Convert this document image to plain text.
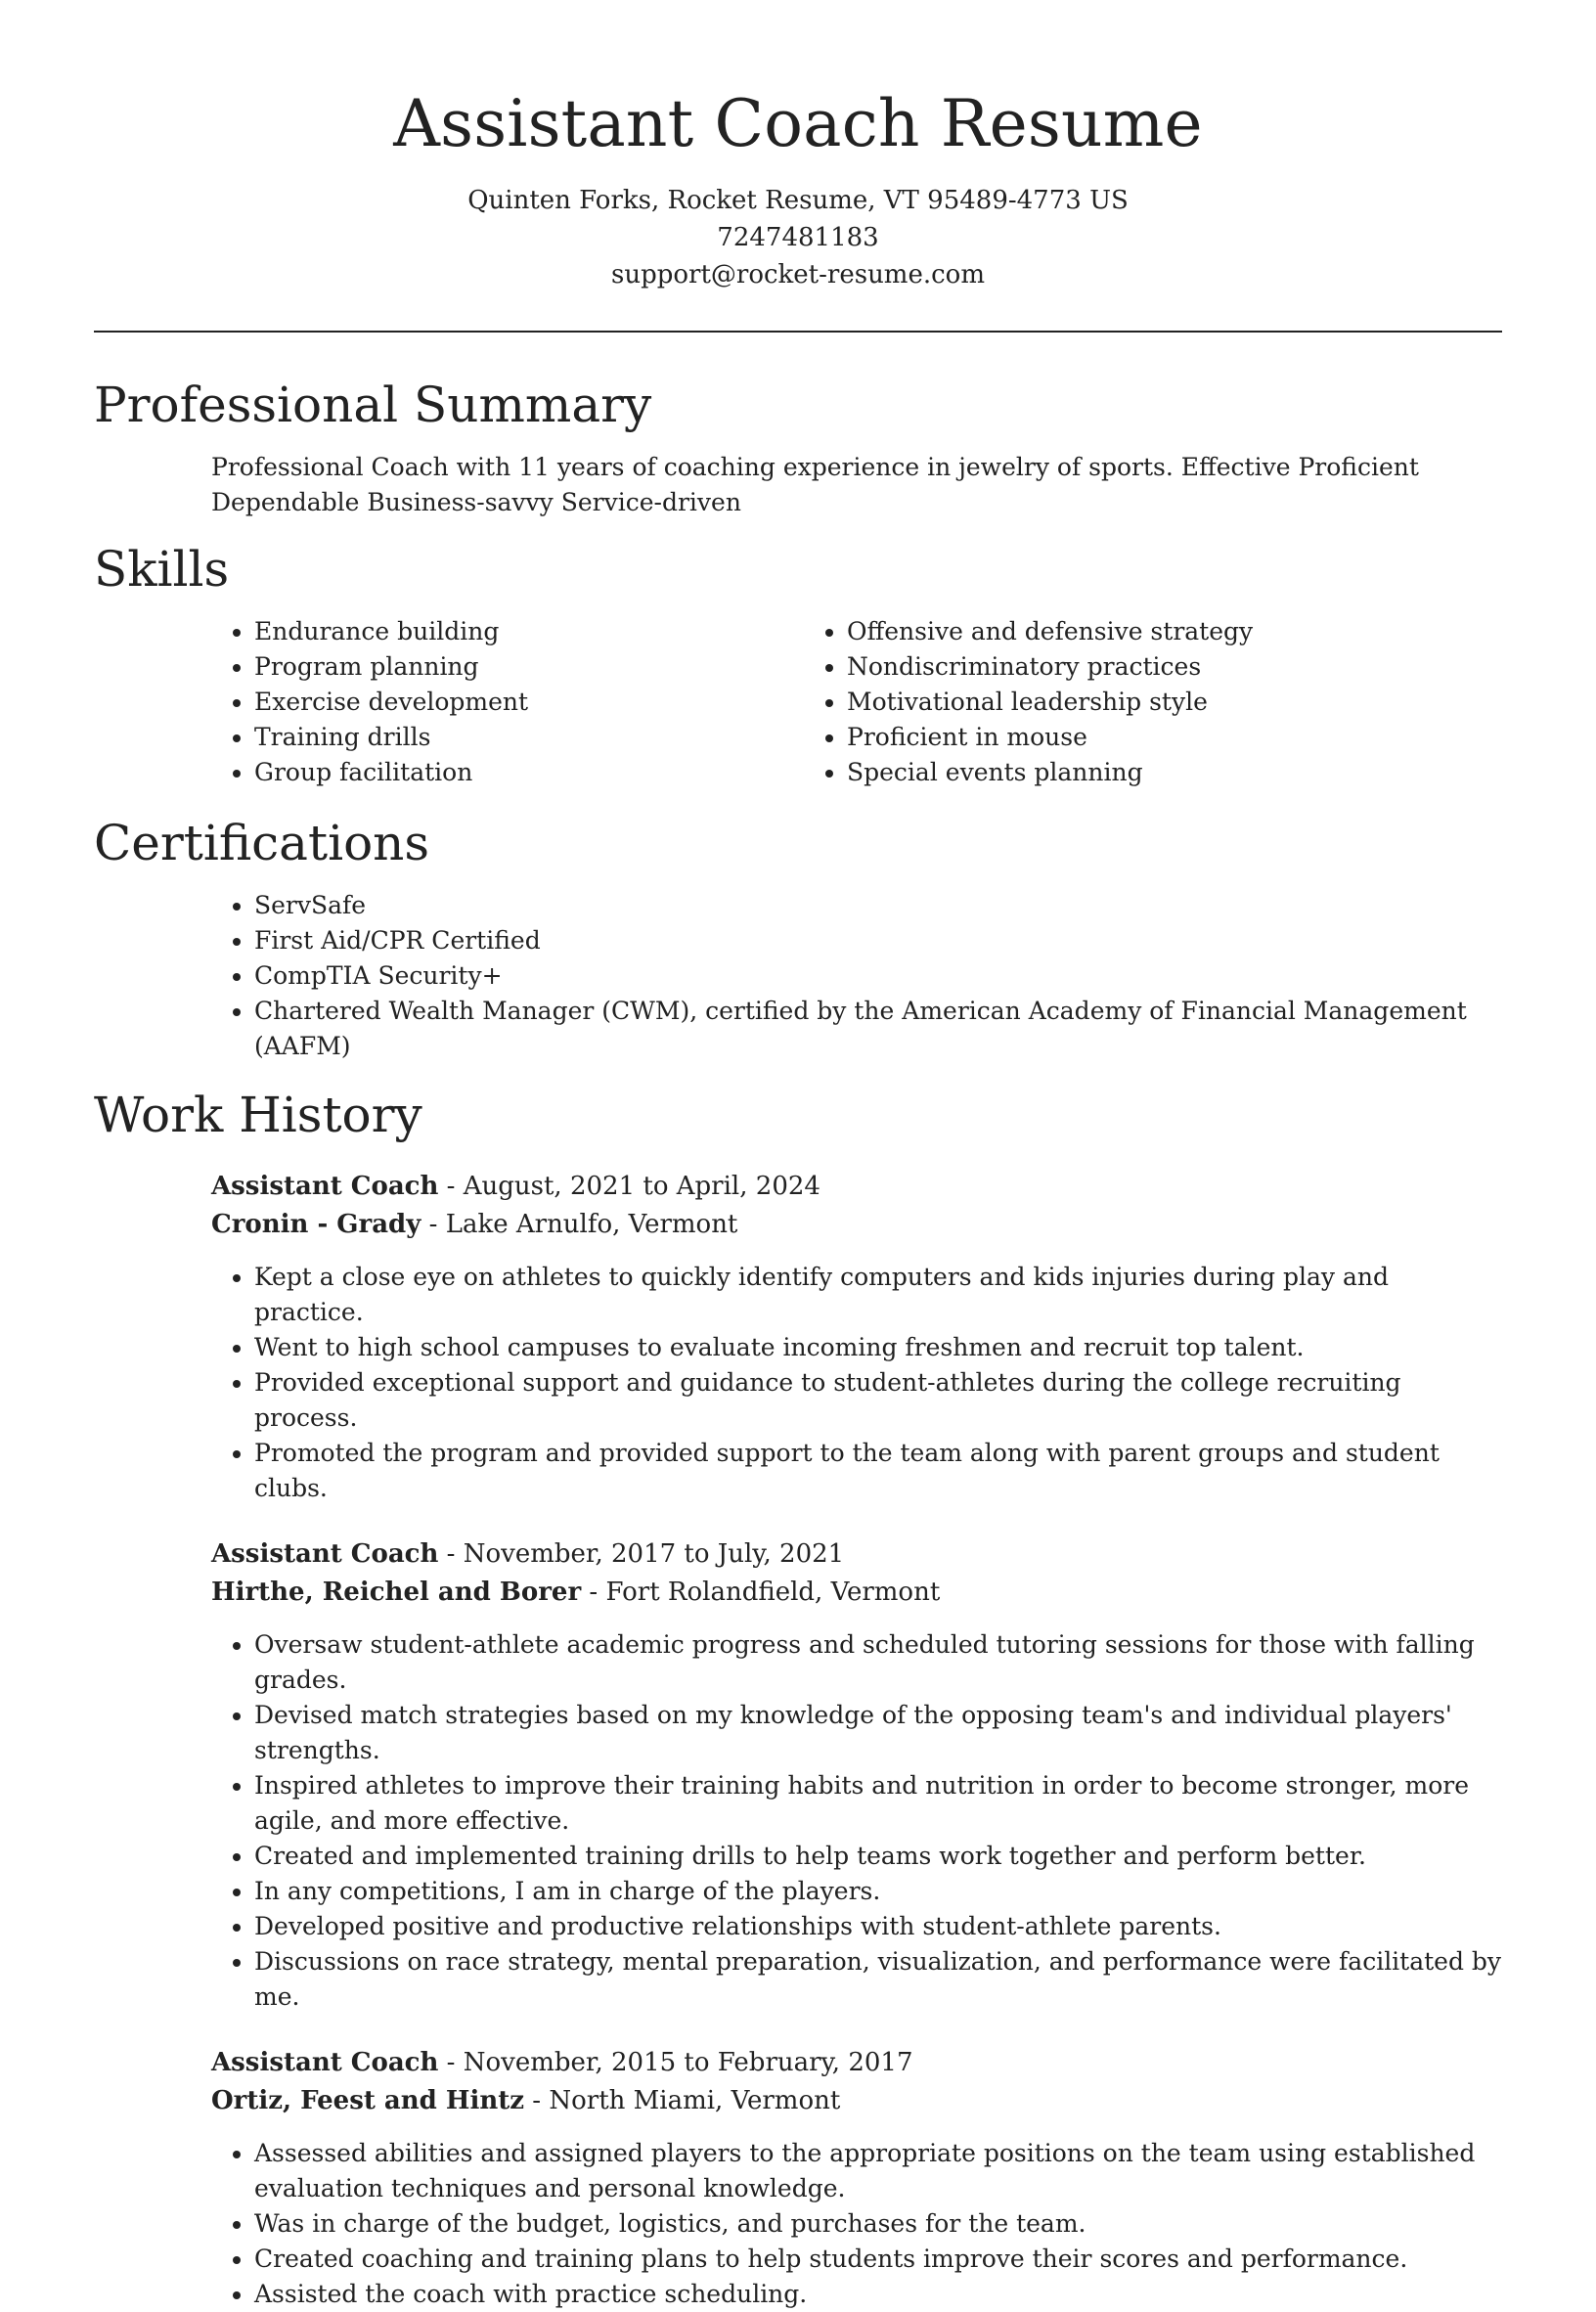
Assistant Coach Resume
Quinten Forks, Rocket Resume, VT 95489-4773 US
7247481183
support@rocket-resume.com
Professional Summary

Professional Coach with 11 years of coaching experience in jewelry of sports. Effective Proficient Dependable Business-savvy Service-driven

Skills
• Endurance building
• Program planning
• Exercise development
• Training drills
• Group facilitation
• Offensive and defensive strategy
• Nondiscriminatory practices
• Motivational leadership style
• Proficient in mouse
• Special events planning
Certifications
• ServSafe
• First Aid/CPR Certified
• CompTIA Security+
• Chartered Wealth Manager (CWM), certified by the American Academy of Financial Management (AAFM)
Work History
Assistant Coach - August, 2021 to April, 2024
Cronin - Grady - Lake Arnulfo, Vermont
• Kept a close eye on athletes to quickly identify computers and kids injuries during play and practice.
• Went to high school campuses to evaluate incoming freshmen and recruit top talent.
• Provided exceptional support and guidance to student-athletes during the college recruiting process.
• Promoted the program and provided support to the team along with parent groups and student clubs.
Assistant Coach - November, 2017 to July, 2021
Hirthe, Reichel and Borer - Fort Rolandfield, Vermont
• Oversaw student-athlete academic progress and scheduled tutoring sessions for those with falling grades.
• Devised match strategies based on my knowledge of the opposing team's and individual players' strengths.
• Inspired athletes to improve their training habits and nutrition in order to become stronger, more agile, and more effective.
• Created and implemented training drills to help teams work together and perform better.
• In any competitions, I am in charge of the players.
• Developed positive and productive relationships with student-athlete parents.
• Discussions on race strategy, mental preparation, visualization, and performance were facilitated by me.
Assistant Coach - November, 2015 to February, 2017
Ortiz, Feest and Hintz - North Miami, Vermont
• Assessed abilities and assigned players to the appropriate positions on the team using established evaluation techniques and personal knowledge.
• Was in charge of the budget, logistics, and purchases for the team.
• Created coaching and training plans to help students improve their scores and performance.
• Assisted the coach with practice scheduling.
